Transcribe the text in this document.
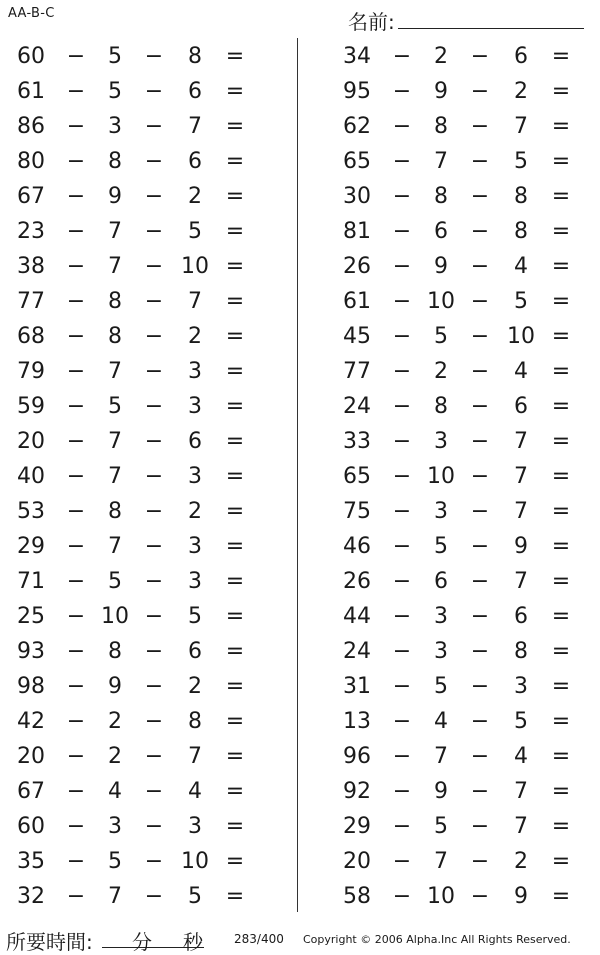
AA-B-C	名前:
60 −	5	−	8	=
61 −	5	−	6	=
86 −	3	−	7	=
80 −	8	−	6	=
67 −	9	−	2	=
23 −	7	−	5	=
38 −	7	− 10 =
77 −	8	−	7	=
68 −	8	−	2	=
79 −	7	−	3	=
59 −	5	−	3	=
20 −	7	−	6	=
40 −	7	−	3	=
53 −	8	−	2	=
29 −	7	−	3	=
71 −	5	−	3	=
25 − 10 −	5	=
93 −	8	−	6	=
98 −	9	−	2	=
42 −	2	−	8	=
20 −	2	−	7	=
67 −	4	−	4	=
60 −	3	−	3	=
35 −	5	− 10 =
32 −	7	−	5	=
34 −	2	−	6	=
95 −	9	−	2	=
62 −	8	−	7	=
65 −	7	−	5	=
30 −	8	−	8	=
81 −	6	−	8	=
26 −	9	−	4	=
61 − 10 −	5	=
45 −	5	− 10 =
77 −	2	−	4	=
24 −	8	−	6	=
33 −	3	−	7	=
65 − 10 −	7	=
75 −	3	−	7	=
46 −	5	−	9	=
26 −	6	−	7	=
44 −	3	−	6	=
24 −	3	−	8	=
31 −	5	−	3	=
13 −	4	−	5	=
96 −	7	−	4	=
92 −	9	−	7	=
29 −	5	−	7	=
20 −	7	−	2	=
58 − 10 −	9	=
所要時間: 分 秒	283/400 Copyright © 2006 Alpha.Inc All Rights Reserved.
